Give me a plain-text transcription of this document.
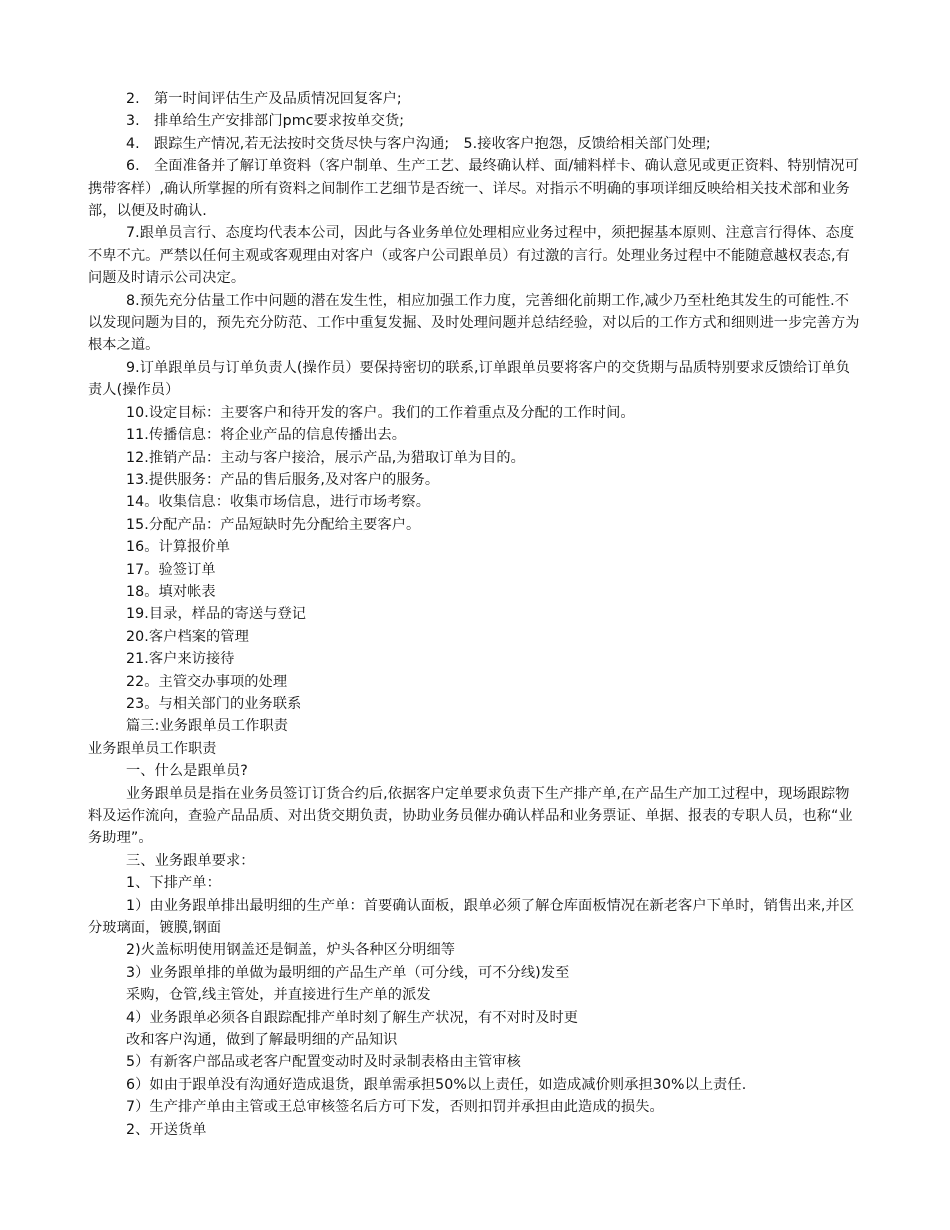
2.　第一时间评估生产及品质情况回复客户;

3.　排单给生产安排部门pmc要求按单交货;

4.　跟踪生产情况,若无法按时交货尽快与客户沟通;　5.接收客户抱怨，反馈给相关部门处理;

6.　全面准备并了解订单资料（客户制单、生产工艺、最终确认样、面/辅料样卡、确认意见或更正资料、特别情况可携带客样）,确认所掌握的所有资料之间制作工艺细节是否统一、详尽。对指示不明确的事项详细反映给相关技术部和业务部，以便及时确认.

7.跟单员言行、态度均代表本公司，因此与各业务单位处理相应业务过程中，须把握基本原则、注意言行得体、态度不卑不亢。严禁以任何主观或客观理由对客户（或客户公司跟单员）有过激的言行。处理业务过程中不能随意越权表态,有问题及时请示公司决定。

8.预先充分估量工作中问题的潜在发生性，相应加强工作力度，完善细化前期工作,减少乃至杜绝其发生的可能性.不以发现问题为目的，预先充分防范、工作中重复发掘、及时处理问题并总结经验，对以后的工作方式和细则进一步完善方为根本之道。

9.订单跟单员与订单负责人(操作员）要保持密切的联系,订单跟单员要将客户的交货期与品质特别要求反馈给订单负责人(操作员）

10.设定目标：主要客户和待开发的客户。我们的工作着重点及分配的工作时间。

11.传播信息：将企业产品的信息传播出去。

12.推销产品：主动与客户接洽，展示产品,为猎取订单为目的。

13.提供服务：产品的售后服务,及对客户的服务。

14。收集信息：收集市场信息，进行市场考察。

15.分配产品：产品短缺时先分配给主要客户。

16。计算报价单

17。验签订单

18。填对帐表

19.目录，样品的寄送与登记

20.客户档案的管理

21.客户来访接待

22。主管交办事项的处理

23。与相关部门的业务联系

篇三:业务跟单员工作职责

业务跟单员工作职责

一、什么是跟单员?

业务跟单员是指在业务员签订订货合约后,依据客户定单要求负责下生产排产单,在产品生产加工过程中，现场跟踪物料及运作流向，查验产品品质、对出货交期负责，协助业务员催办确认样品和业务票证、单据、报表的专职人员，也称“业务助理”。

三、业务跟单要求：

1、下排产单：

1）由业务跟单排出最明细的生产单：首要确认面板，跟单必须了解仓库面板情况在新老客户下单时，销售出来,并区分玻璃面，镀膜,钢面

2)火盖标明使用钢盖还是铜盖，炉头各种区分明细等

3）业务跟单排的单做为最明细的产品生产单（可分线，可不分线)发至

采购，仓管,线主管处，并直接进行生产单的派发

4）业务跟单必须各自跟踪配排产单时刻了解生产状况，有不对时及时更

改和客户沟通，做到了解最明细的产品知识

5）有新客户部品或老客户配置变动时及时录制表格由主管审核

6）如由于跟单没有沟通好造成退货，跟单需承担50%以上责任，如造成减价则承担30%以上责任.

7）生产排产单由主管或王总审核签名后方可下发，否则扣罚并承担由此造成的损失。

2、开送货单
